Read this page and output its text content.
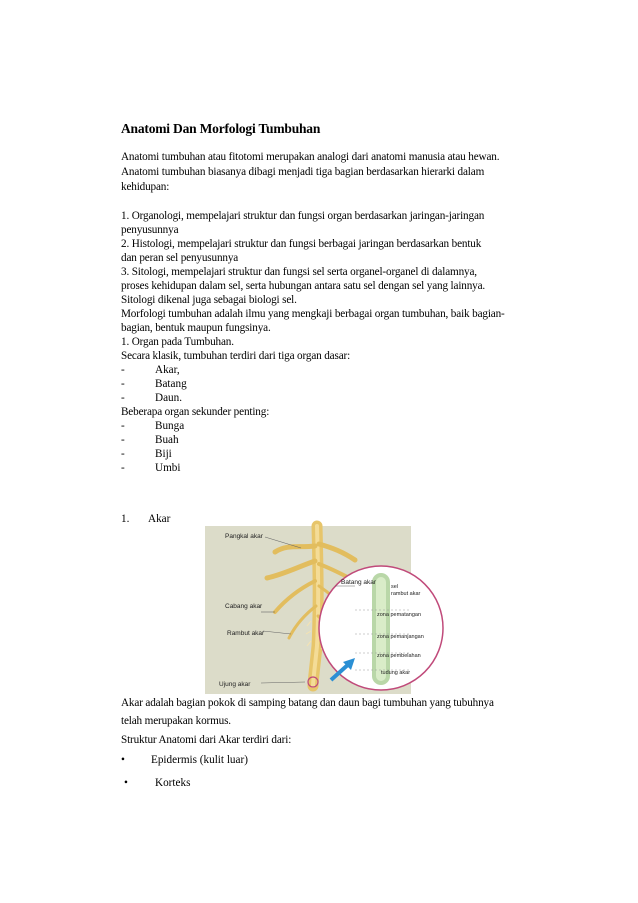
Anatomi Dan Morfologi Tumbuhan
Anatomi tumbuhan atau fitotomi merupakan analogi dari anatomi manusia atau hewan.
Anatomi tumbuhan biasanya dibagi menjadi tiga bagian berdasarkan hierarki dalam
kehidupan:
1. Organologi, mempelajari struktur dan fungsi organ berdasarkan jaringan-jaringan
penyusunnya
2. Histologi, mempelajari struktur dan fungsi berbagai jaringan berdasarkan bentuk
dan peran sel penyusunnya
3. Sitologi, mempelajari struktur dan fungsi sel serta organel-organel di dalamnya,
proses kehidupan dalam sel, serta hubungan antara satu sel dengan sel yang lainnya.
Sitologi dikenal juga sebagai biologi sel.
Morfologi tumbuhan adalah ilmu yang mengkaji berbagai organ tumbuhan, baik bagian-
bagian, bentuk maupun fungsinya.
1. Organ pada Tumbuhan.
Secara klasik, tumbuhan terdiri dari tiga organ dasar:
-	Akar,
-	Batang
-	Daun.
Beberapa organ sekunder penting:
-	Bunga
-	Buah
-	Biji
-	Umbi
1. Akar
Pangkal akar
Batang akar
Cabang akar
Rambut akar
Ujung akar
sel
rambut akar
zona pematangan
zona pemanjangan
zona pembelahan
tudung akar
Akar adalah bagian pokok di samping batang dan daun bagi tumbuhan yang tubuhnya
telah merupakan kormus.
Struktur Anatomi dari Akar terdiri dari:
• Epidermis (kulit luar)
• Korteks
